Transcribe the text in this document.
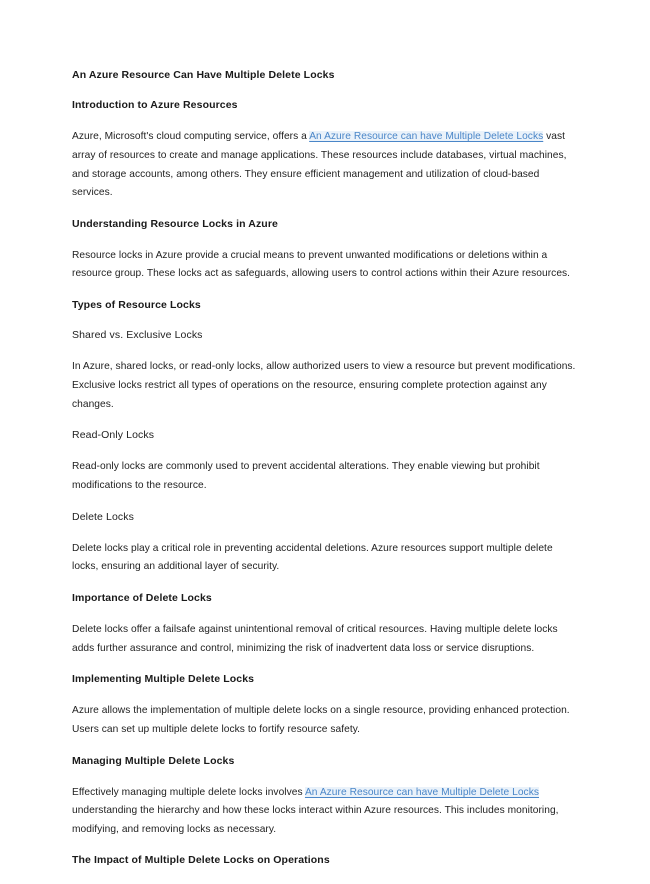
An Azure Resource Can Have Multiple Delete Locks
Introduction to Azure Resources

Azure, Microsoft's cloud computing service, offers a An Azure Resource can have Multiple Delete Locks vast array of resources to create and manage applications. These resources include databases, virtual machines, and storage accounts, among others. They ensure efficient management and utilization of cloud-based services.

Understanding Resource Locks in Azure

Resource locks in Azure provide a crucial means to prevent unwanted modifications or deletions within a resource group. These locks act as safeguards, allowing users to control actions within their Azure resources.

Types of Resource Locks
Shared vs. Exclusive Locks

In Azure, shared locks, or read-only locks, allow authorized users to view a resource but prevent modifications. Exclusive locks restrict all types of operations on the resource, ensuring complete protection against any changes.

Read-Only Locks

Read-only locks are commonly used to prevent accidental alterations. They enable viewing but prohibit modifications to the resource.

Delete Locks

Delete locks play a critical role in preventing accidental deletions. Azure resources support multiple delete locks, ensuring an additional layer of security.

Importance of Delete Locks

Delete locks offer a failsafe against unintentional removal of critical resources. Having multiple delete locks adds further assurance and control, minimizing the risk of inadvertent data loss or service disruptions.

Implementing Multiple Delete Locks

Azure allows the implementation of multiple delete locks on a single resource, providing enhanced protection. Users can set up multiple delete locks to fortify resource safety.

Managing Multiple Delete Locks

Effectively managing multiple delete locks involves An Azure Resource can have Multiple Delete Locks understanding the hierarchy and how these locks interact within Azure resources. This includes monitoring, modifying, and removing locks as necessary.

The Impact of Multiple Delete Locks on Operations
